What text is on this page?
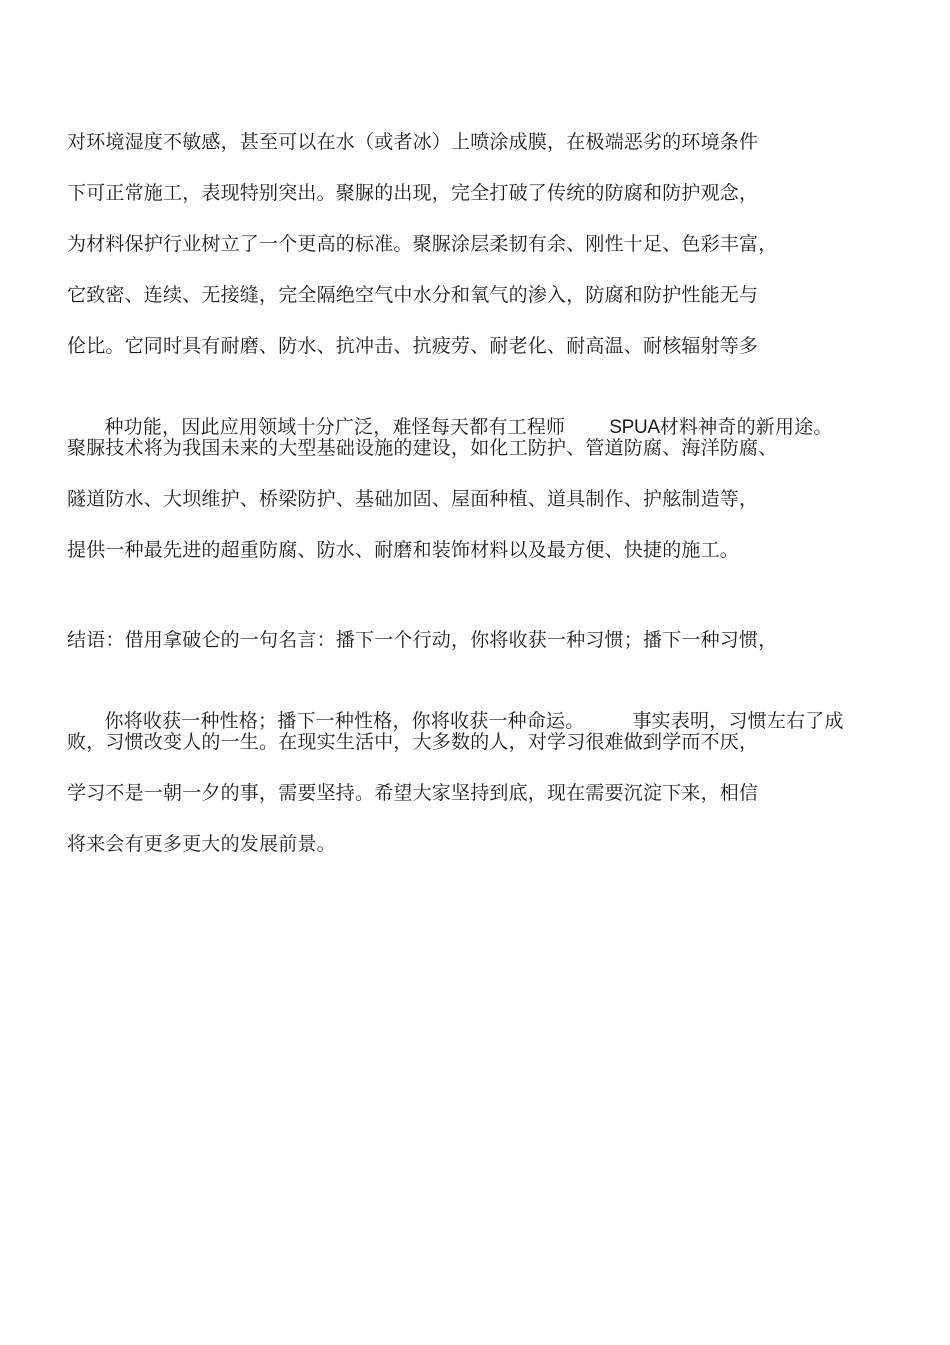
对环境湿度不敏感，甚至可以在水（或者冰）上喷涂成膜，在极端恶劣的环境条件
下可正常施工，表现特别突出。聚脲的出现，完全打破了传统的防腐和防护观念，
为材料保护行业树立了一个更高的标准。聚脲涂层柔韧有余、刚性十足、色彩丰富，
它致密、连续、无接缝，完全隔绝空气中水分和氧气的渗入，防腐和防护性能无与
伦比。它同时具有耐磨、防水、抗冲击、抗疲劳、耐老化、耐高温、耐核辐射等多

种功能，因此应用领域十分广泛，难怪每天都有工程师 SPUA材料神奇的新用途。

聚脲技术将为我国未来的大型基础设施的建设，如化工防护、管道防腐、海洋防腐、
隧道防水、大坝维护、桥梁防护、基础加固、屋面种植、道具制作、护舷制造等，
提供一种最先进的超重防腐、防水、耐磨和装饰材料以及最方便、快捷的施工。
结语：借用拿破仑的一句名言：播下一个行动，你将收获一种习惯；播下一种习惯，

你将收获一种性格；播下一种性格，你将收获一种命运。	事实表明，习惯左右了成

败，习惯改变人的一生。在现实生活中，大多数的人，对学习很难做到学而不厌，
学习不是一朝一夕的事，需要坚持。希望大家坚持到底，现在需要沉淀下来，相信
将来会有更多更大的发展前景。
